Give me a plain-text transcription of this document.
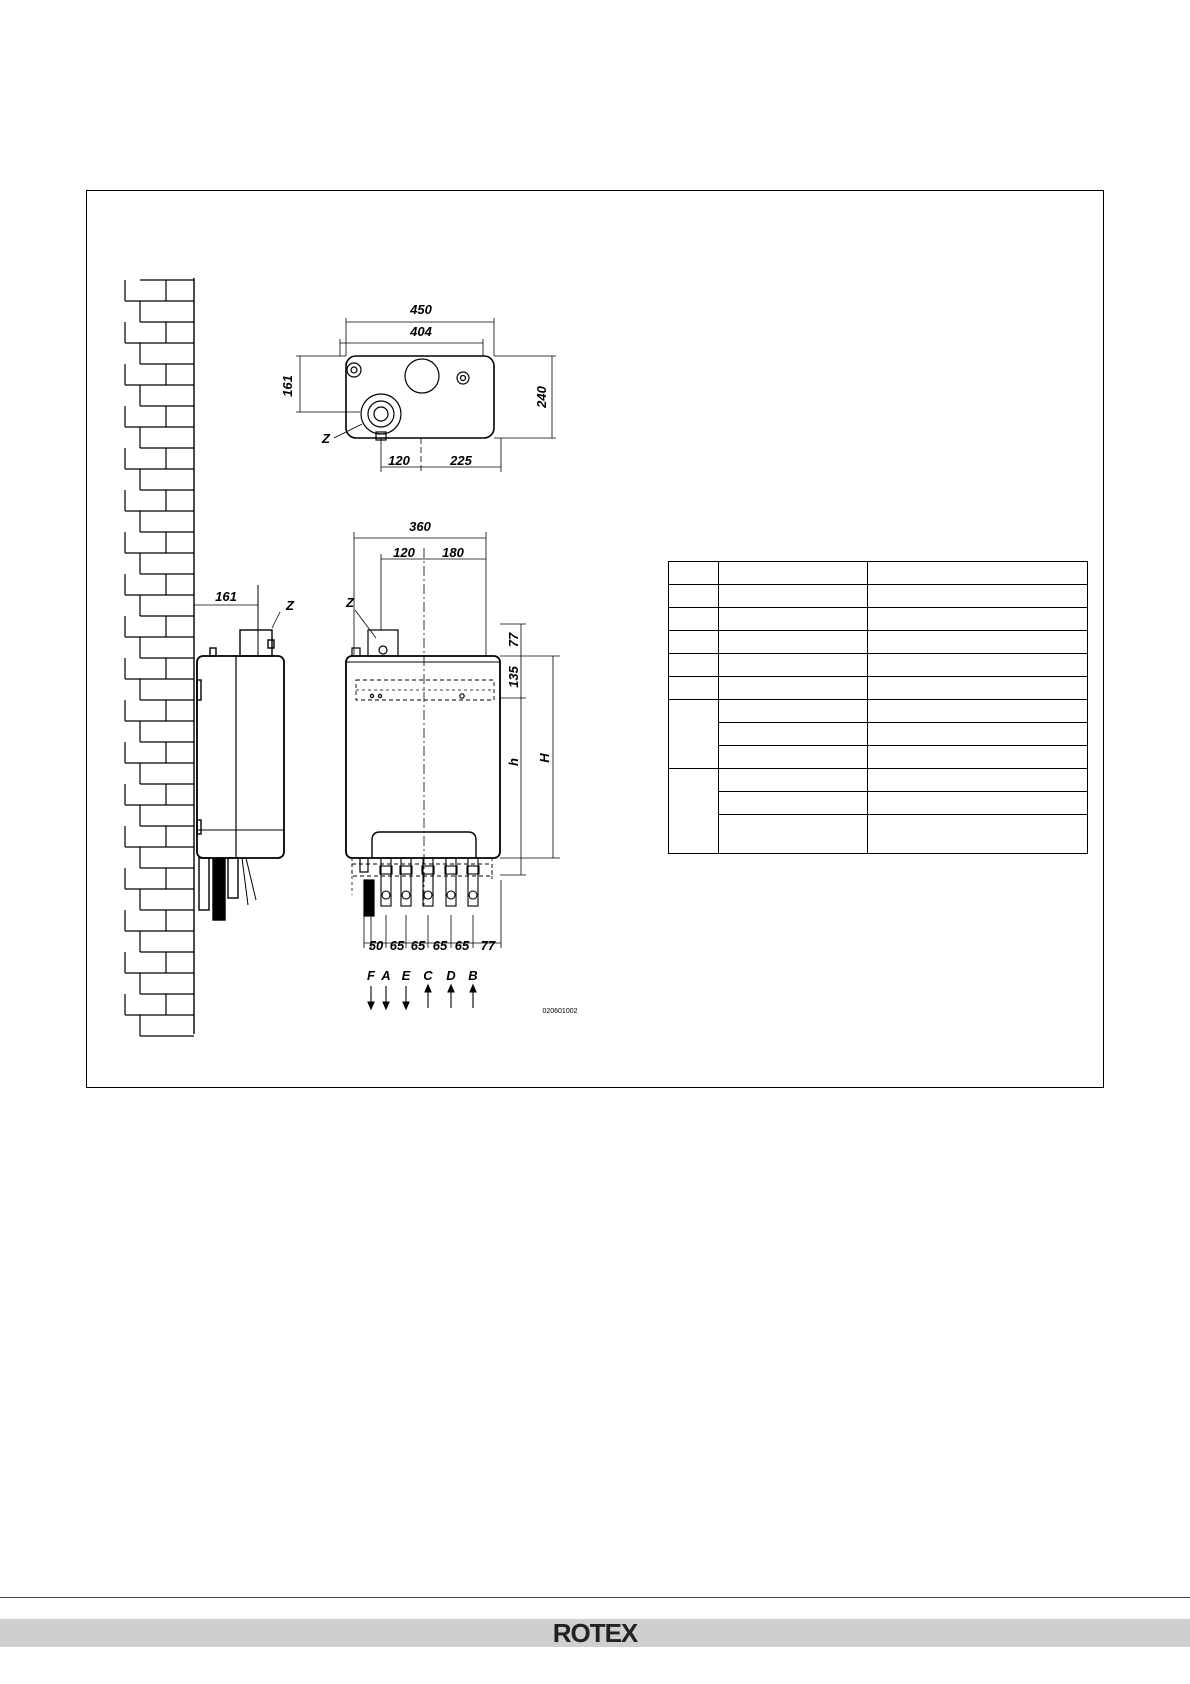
450
404
161
240
120	225
Z
161
Z
F A E C D B
50 65 65 65 65 77
360
120 180
77
135
h H
Z
020601002

ROTEX
